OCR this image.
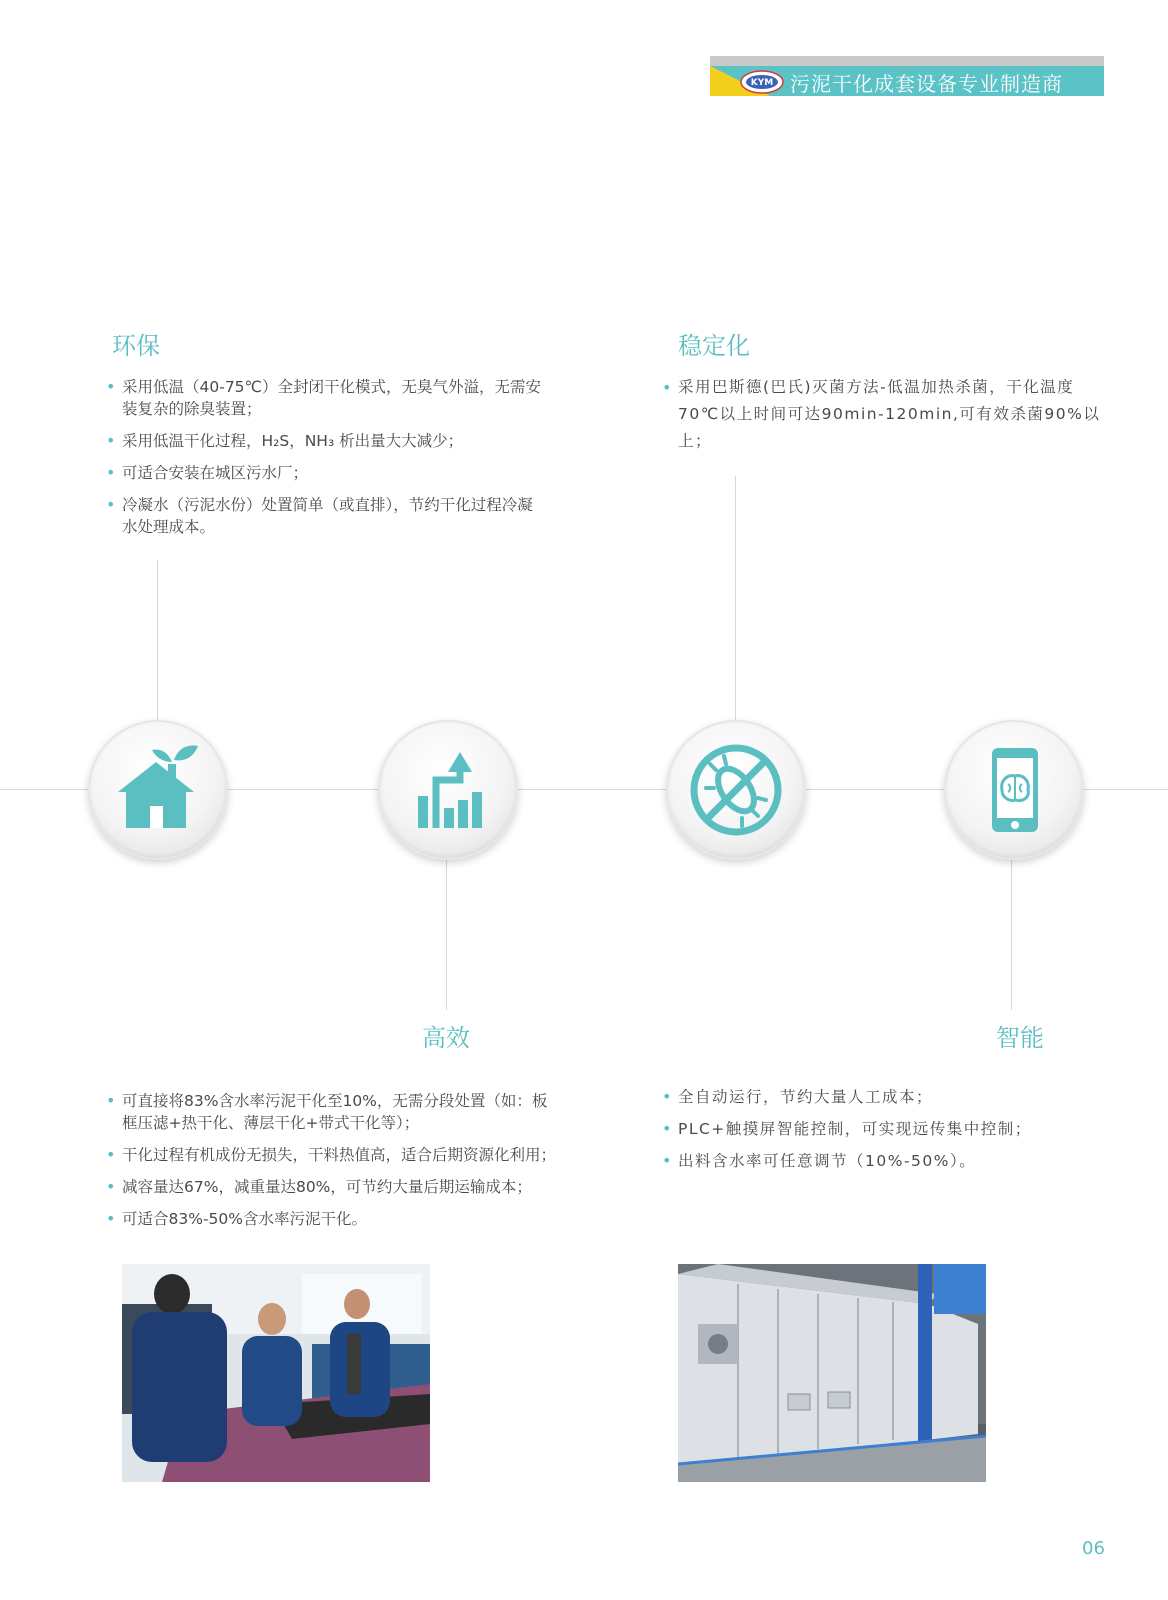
KYM 污泥干化成套设备专业制造商
环保
• 采用低温（40-75℃）全封闭干化模式，无臭气外溢，无需安装复杂的除臭装置；
• 采用低温干化过程，H₂S，NH₃ 析出量大大减少；
• 可适合安装在城区污水厂；
• 冷凝水（污泥水份）处置简单（或直排），节约干化过程冷凝水处理成本。
稳定化
• 采用巴斯德(巴氏)灭菌方法-低温加热杀菌，干化温度70℃以上时间可达90min-120min,可有效杀菌90%以上；
高效
• 可直接将83%含水率污泥干化至10%，无需分段处置（如：板框压滤+热干化、薄层干化+带式干化等）；
• 干化过程有机成份无损失，干料热值高，适合后期资源化利用；
• 减容量达67%，减重量达80%，可节约大量后期运输成本；
• 可适合83%-50%含水率污泥干化。
智能
• 全自动运行，节约大量人工成本；
• PLC+触摸屏智能控制，可实现远传集中控制；
• 出料含水率可任意调节（10%-50%）。
06
